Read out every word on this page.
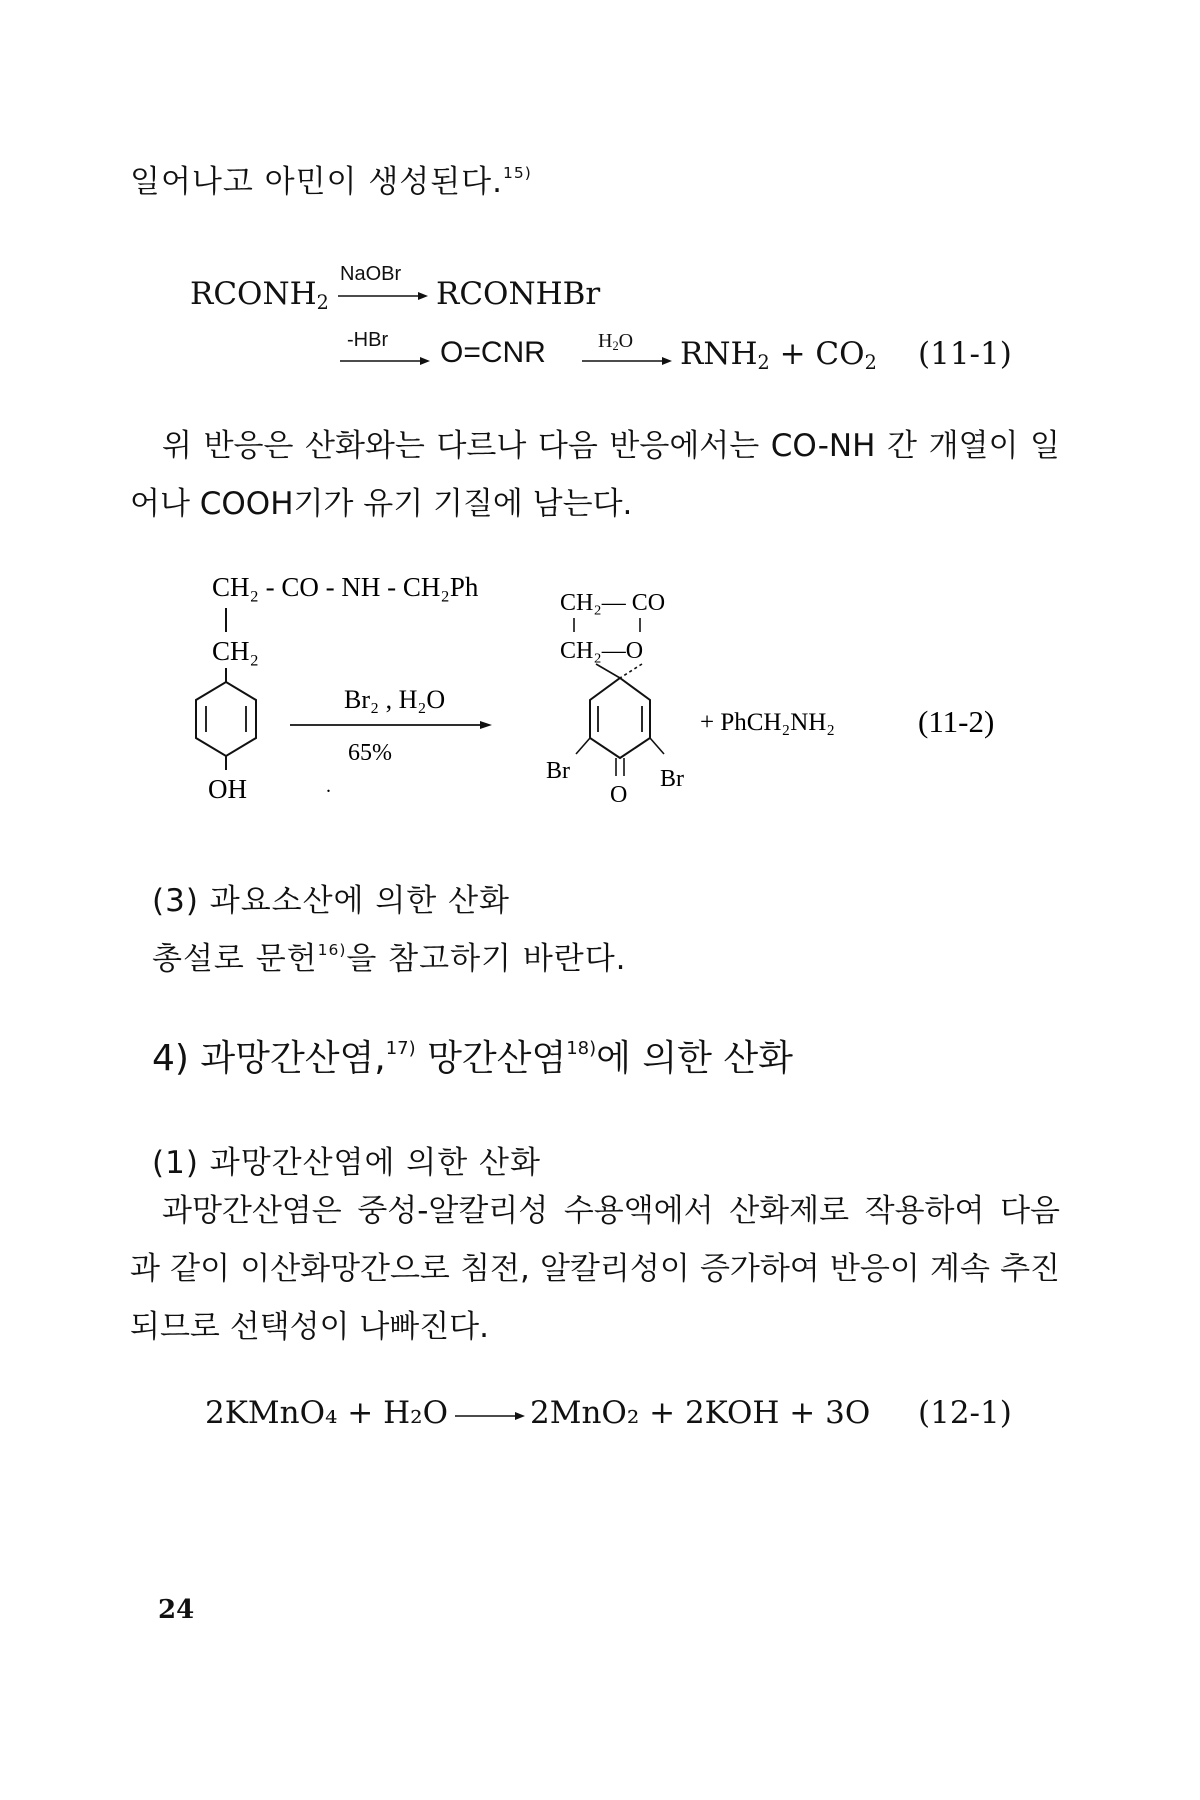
일어나고 아민이 생성된다.$^{15)}$
$RCONH_2$
NaOBr
RCONHBr
-HBr O=CNR	$H_2O$ $RNH_2 + CO_2$ (11-1)
위 반응은 산화와는 다르나 다음 반응에서는 CO-NH 간 개열이 일어나 COOH기가 유기 기질에 남는다.
CH₂ - CO - NH - CH₂Ph
CH₂
OH	.
Br₂ , H₂O
65%
CH₂— CO
CH₂—O
Br	Br
O
+ PhCH₂NH₂	(11-2)
(3) 과요소산에 의한 산화
총설로 문헌$^{16)}$을 참고하기 바란다.
4) 과망간산염,$^{17)}$ 망간산염$^{18)}$에 의한 산화
(1) 과망간산염에 의한 산화
과망간산염은 중성-알칼리성 수용액에서 산화제로 작용하여 다음과 같이 이산화망간으로 침전, 알칼리성이 증가하여 반응이 계속 추진되므로 선택성이 나빠진다.
2KMnO₄ + H₂O	2MnO₂ + 2KOH + 3O (12-1)
24
